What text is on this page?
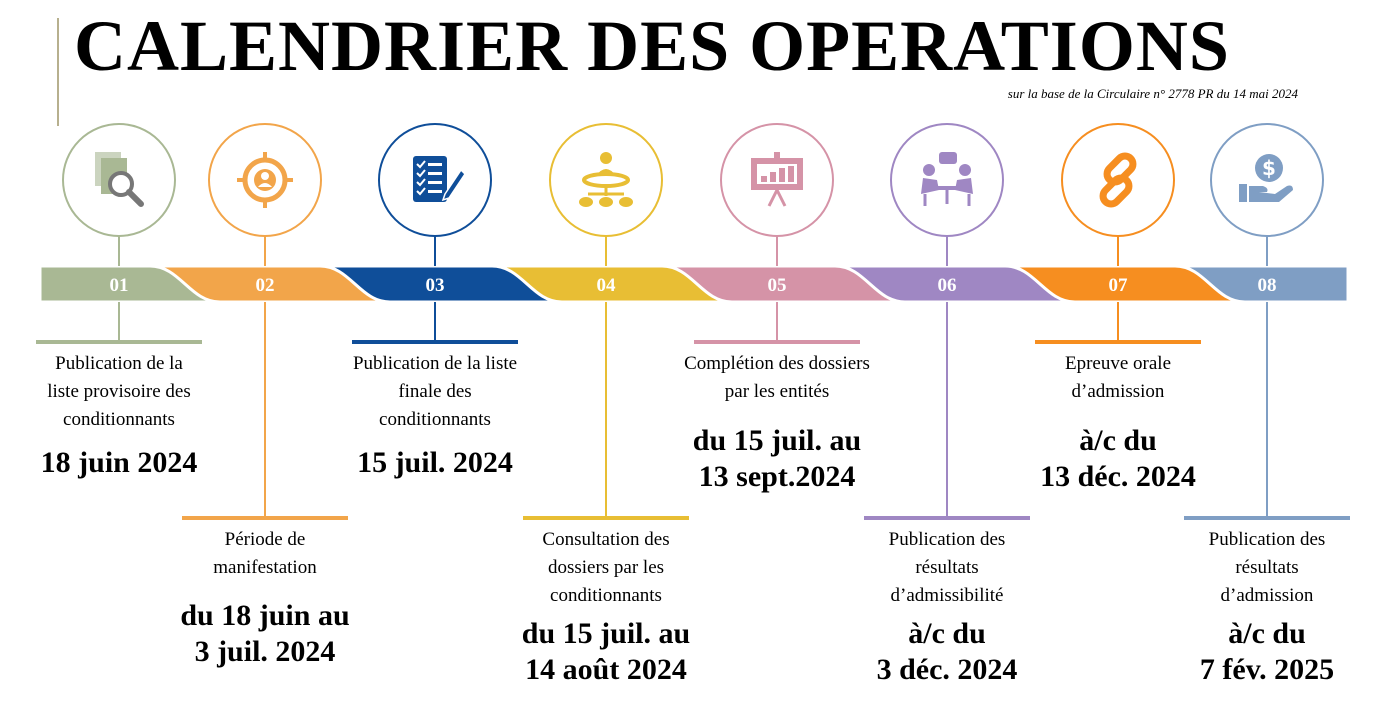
CALENDRIER DES OPERATIONS
sur la base de la Circulaire n° 2778 PR du 14 mai 2024
01	02	03	04	05	06	07	08
$
Publication de la
liste provisoire des
conditionnants
18 juin 2024
Période de
manifestation
du 18 juin au
3 juil. 2024
Publication de la liste
finale des
conditionnants
15 juil. 2024
Consultation des
dossiers par les
conditionnants
du 15 juil. au
14 août 2024
Complétion des dossiers
par les entités
du 15 juil. au
13 sept.2024
Publication des
résultats
d’admissibilité
à/c du
3 déc. 2024
Epreuve orale
d’admission
à/c du
13 déc. 2024
Publication des
résultats
d’admission
à/c du
7 fév. 2025
